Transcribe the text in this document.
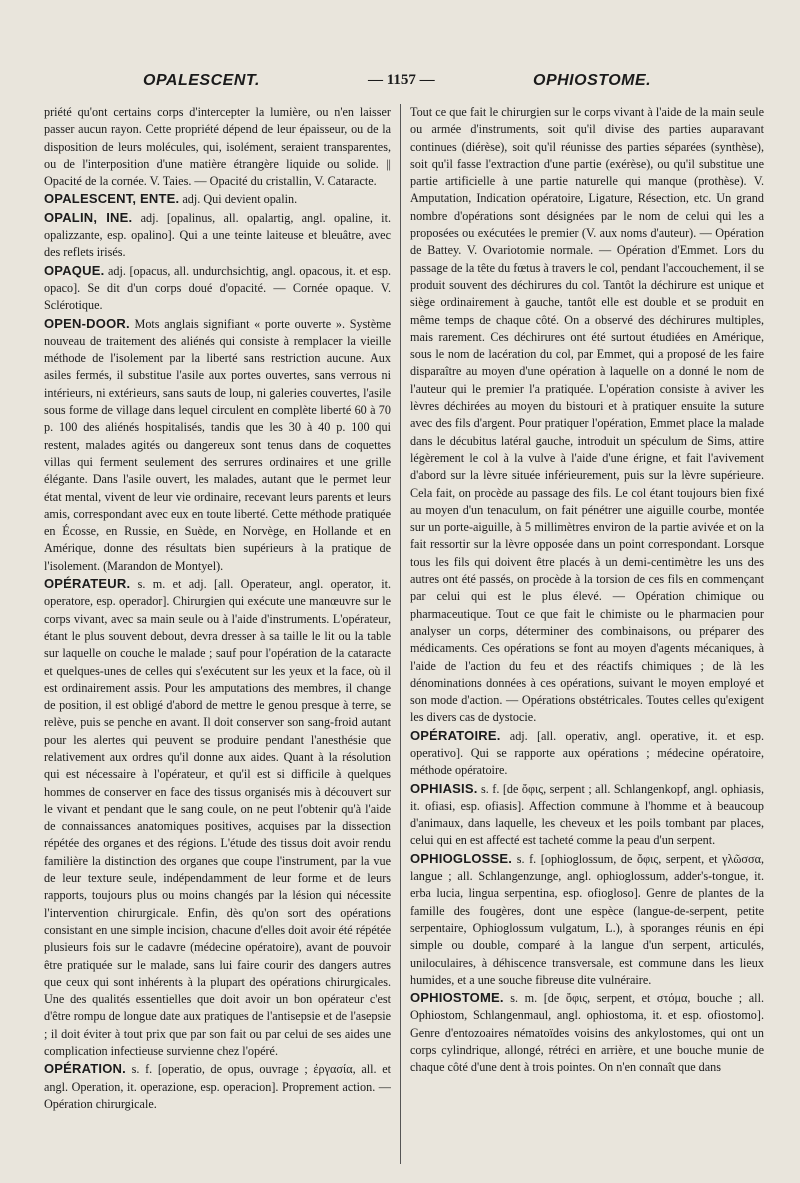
OPALESCENT.	— 1157 —	OPHIOSTOME.

priété qu'ont certains corps d'intercepter la lumière, ou n'en laisser passer aucun rayon. Cette propriété dépend de leur épaisseur, ou de la disposition de leurs molécules, qui, isolément, seraient transparentes, ou de l'interposition d'une matière étrangère liquide ou solide. || Opacité de la cornée. V. Taies. — Opacité du cristallin, V. Cataracte.

OPALESCENT, ENTE. adj. Qui devient opalin.

OPALIN, INE. adj. [opalinus, all. opalartig, angl. opaline, it. opalizzante, esp. opalino]. Qui a une teinte laiteuse et bleuâtre, avec des reflets irisés.

OPAQUE. adj. [opacus, all. undurchsichtig, angl. opacous, it. et esp. opaco]. Se dit d'un corps doué d'opacité. — Cornée opaque. V. Sclérotique.

OPEN-DOOR. Mots anglais signifiant « porte ouverte ». Système nouveau de traitement des aliénés qui consiste à remplacer la vieille méthode de l'isolement par la liberté sans restriction aucune. Aux asiles fermés, il substitue l'asile aux portes ouvertes, sans verrous ni intérieurs, ni extérieurs, sans sauts de loup, ni galeries couvertes, l'asile sous forme de village dans lequel circulent en complète liberté 60 à 70 p. 100 des aliénés hospitalisés, tandis que les 30 à 40 p. 100 qui restent, malades agités ou dangereux sont tenus dans de coquettes villas qui ferment seulement des serrures ordinaires et une grille élégante. Dans l'asile ouvert, les malades, autant que le permet leur état mental, vivent de leur vie ordinaire, recevant leurs parents et leurs amis, correspondant avec eux en toute liberté. Cette méthode pratiquée en Écosse, en Russie, en Suède, en Norvège, en Hollande et en Amérique, donne des résultats bien supérieurs à la pratique de l'isolement. (Marandon de Montyel).

OPÉRATEUR. s. m. et adj. [all. Operateur, angl. operator, it. operatore, esp. operador]. Chirurgien qui exécute une manœuvre sur le corps vivant, avec sa main seule ou à l'aide d'instruments. L'opérateur, étant le plus souvent debout, devra dresser à sa taille le lit ou la table sur laquelle on couche le malade ; sauf pour l'opération de la cataracte et quelques-unes de celles qui s'exécutent sur les yeux et la face, où il est ordinairement assis. Pour les amputations des membres, il change de position, il est obligé d'abord de mettre le genou presque à terre, se relève, puis se penche en avant. Il doit conserver son sang-froid autant pour les alertes qui peuvent se produire pendant l'anesthésie que relativement aux ordres qu'il donne aux aides. Quant à la résolution qui est nécessaire à l'opérateur, et qu'il est si difficile à quelques hommes de conserver en face des tissus organisés mis à découvert sur le vivant et pendant que le sang coule, on ne peut l'obtenir qu'à l'aide de connaissances anatomiques positives, acquises par la dissection répétée des organes et des régions. L'étude des tissus doit avoir rendu familière la distinction des organes que coupe l'instrument, par la vue de leur texture seule, indépendamment de leur forme et de leurs rapports, toujours plus ou moins changés par la lésion qui nécessite l'intervention chirurgicale. Enfin, dès qu'on sort des opérations consistant en une simple incision, chacune d'elles doit avoir été répétée plusieurs fois sur le cadavre (médecine opératoire), avant de pouvoir être pratiquée sur le malade, sans lui faire courir des dangers autres que ceux qui sont inhérents à la plupart des opérations chirurgicales. Une des qualités essentielles que doit avoir un bon opérateur c'est d'être rompu de longue date aux pratiques de l'antisepsie et de l'asepsie ; il doit éviter à tout prix que par son fait ou par celui de ses aides une complication infectieuse survienne chez l'opéré.

OPÉRATION. s. f. [operatio, de opus, ouvrage ; ἐργασία, all. et angl. Operation, it. operazione, esp. operacion]. Proprement action. — Opération chirurgicale.

Tout ce que fait le chirurgien sur le corps vivant à l'aide de la main seule ou armée d'instruments, soit qu'il divise des parties auparavant continues (diérèse), soit qu'il réunisse des parties séparées (synthèse), soit qu'il fasse l'extraction d'une partie (exérèse), ou qu'il substitue une partie artificielle à une partie naturelle qui manque (prothèse). V. Amputation, Indication opératoire, Ligature, Résection, etc. Un grand nombre d'opérations sont désignées par le nom de celui qui les a proposées ou exécutées le premier (V. aux noms d'auteur). — Opération de Battey. V. Ovariotomie normale. — Opération d'Emmet. Lors du passage de la tête du fœtus à travers le col, pendant l'accouchement, il se produit souvent des déchirures du col. Tantôt la déchirure est unique et siège ordinairement à gauche, tantôt elle est double et se produit en même temps de chaque côté. On a observé des déchirures multiples, mais rarement. Ces déchirures ont été surtout étudiées en Amérique, sous le nom de lacération du col, par Emmet, qui a proposé de les faire disparaître au moyen d'une opération à laquelle on a donné le nom de l'auteur qui le premier l'a pratiquée. L'opération consiste à aviver les lèvres déchirées au moyen du bistouri et à pratiquer ensuite la suture avec des fils d'argent. Pour pratiquer l'opération, Emmet place la malade dans le décubitus latéral gauche, introduit un spéculum de Sims, attire légèrement le col à la vulve à l'aide d'une érigne, et fait l'avivement d'abord sur la lèvre située inférieurement, puis sur la lèvre supérieure. Cela fait, on procède au passage des fils. Le col étant toujours bien fixé au moyen d'un tenaculum, on fait pénétrer une aiguille courbe, montée sur un porte-aiguille, à 5 millimètres environ de la partie avivée et on la fait ressortir sur la lèvre opposée dans un point correspondant. Lorsque tous les fils qui doivent être placés à un demi-centimètre les uns des autres ont été passés, on procède à la torsion de ces fils en commençant par celui qui est le plus élevé. — Opération chimique ou pharmaceutique. Tout ce que fait le chimiste ou le pharmacien pour analyser un corps, déterminer des combinaisons, ou préparer des médicaments. Ces opérations se font au moyen d'agents mécaniques, à l'aide de l'action du feu et des réactifs chimiques ; de là les dénominations données à ces opérations, suivant le moyen employé et son mode d'action. — Opérations obstétricales. Toutes celles qu'exigent les divers cas de dystocie.

OPÉRATOIRE. adj. [all. operativ, angl. operative, it. et esp. operativo]. Qui se rapporte aux opérations ; médecine opératoire, méthode opératoire.

OPHIASIS. s. f. [de ὄφις, serpent ; all. Schlangenkopf, angl. ophiasis, it. ofiasi, esp. ofiasis]. Affection commune à l'homme et à beaucoup d'animaux, dans laquelle, les cheveux et les poils tombant par places, celui qui en est affecté est tacheté comme la peau d'un serpent.

OPHIOGLOSSE. s. f. [ophioglossum, de ὄφις, serpent, et γλῶσσα, langue ; all. Schlangenzunge, angl. ophioglossum, adder's-tongue, it. erba lucia, lingua serpentina, esp. ofiogloso]. Genre de plantes de la famille des fougères, dont une espèce (langue-de-serpent, petite serpentaire, Ophioglossum vulgatum, L.), à sporanges réunis en épi simple ou double, comparé à la langue d'un serpent, articulés, uniloculaires, à déhiscence transversale, est commune dans les lieux humides, et a une souche fibreuse dite vulnéraire.

OPHIOSTOME. s. m. [de ὄφις, serpent, et στόμα, bouche ; all. Ophiostom, Schlangenmaul, angl. ophiostoma, it. et esp. ofiostomo]. Genre d'entozoaires nématoïdes voisins des ankylostomes, qui ont un corps cylindrique, allongé, rétréci en arrière, et une bouche munie de chaque côté d'une dent à trois pointes. On n'en connaît que dans
